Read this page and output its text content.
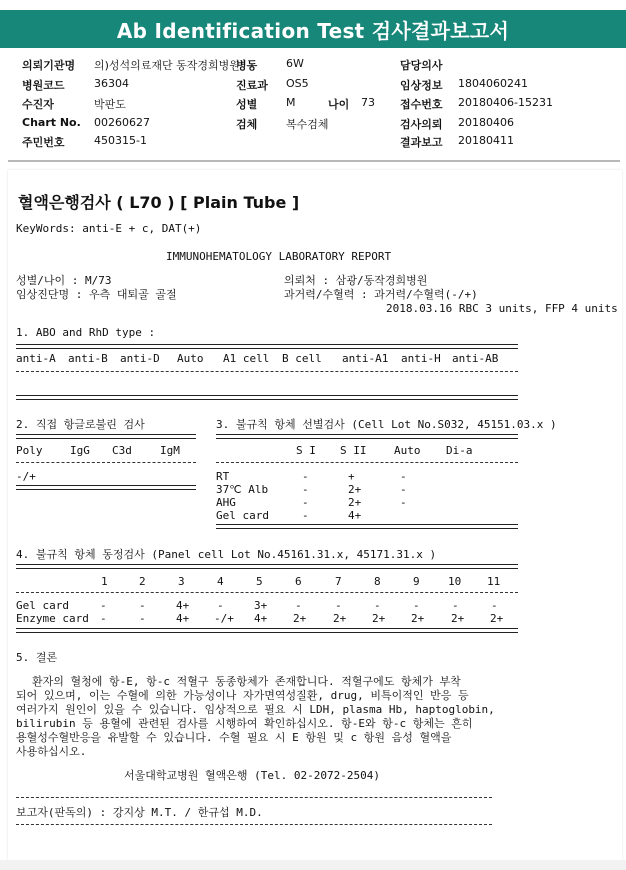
Ab Identification Test 검사결과보고서
의뢰기관명 의)성석의료재단 동작경희병원
병동	6W	담당의사
병원코드	36304	진료과 OS5	임상정보 1804060241
수진자	박판도	성별	M	나이 73 접수번호 20180406-15231
Chart No. 00260627	검체	복수검체	검사의뢰 20180406
주민번호	450315-1	결과보고 20180411
혈액은행검사 ( L70 ) [ Plain Tube ]
KeyWords: anti-E + c, DAT(+)
IMMUNOHEMATOLOGY LABORATORY REPORT
성별/나이 : M/73
임상진단명 : 우측 대퇴골 골절
의뢰처 : 삼광/동작경희병원
과거력/수혈력 : 과거력/수혈력(-/+)
2018.03.16 RBC 3 units, FFP 4 units
1. ABO and RhD type :
anti-A anti-B anti-D Auto A1 cell B cell anti-A1 anti-H anti-AB
2. 직접 항글로불린 검사
Poly	IgG C3d	IgM
-/+
3. 불규칙 항체 선별검사 (Cell Lot No.S032, 45151.03.x )
S I S II	Auto Di-a
RT	-	+	-
37℃ Alb	-	2+	-
AHG	-	2+	-
Gel card	-	4+
4. 불규칙 항체 동정검사 (Panel cell Lot No.45161.31.x, 45171.31.x )
1	2	3	4	5	6	7	8	9	10 11
Gel card	-	-	4+	-	3+	-	-	-	-	-	-
Enzyme card -	-	4+ -/+ 4+ 2+ 2+ 2+ 2+ 2+ 2+
5. 결론
환자의 혈청에 항-E, 항-c 적혈구 동종항체가 존재합니다. 적혈구에도 항체가 부착
되어 있으며, 이는 수혈에 의한 가능성이나 자가면역성질환, drug, 비특이적인 반응 등
여러가지 원인이 있을 수 있습니다. 임상적으로 필요 시 LDH, plasma Hb, haptoglobin,
bilirubin 등 용혈에 관련된 검사를 시행하여 확인하십시오. 항-E와 항-c 항체는 흔히
용혈성수혈반응을 유발할 수 있습니다. 수혈 필요 시 E 항원 및 c 항원 음성 혈액을
사용하십시오.
서울대학교병원 혈액은행 (Tel. 02-2072-2504)
보고자(판독의) : 강지상 M.T. / 한규섭 M.D.
